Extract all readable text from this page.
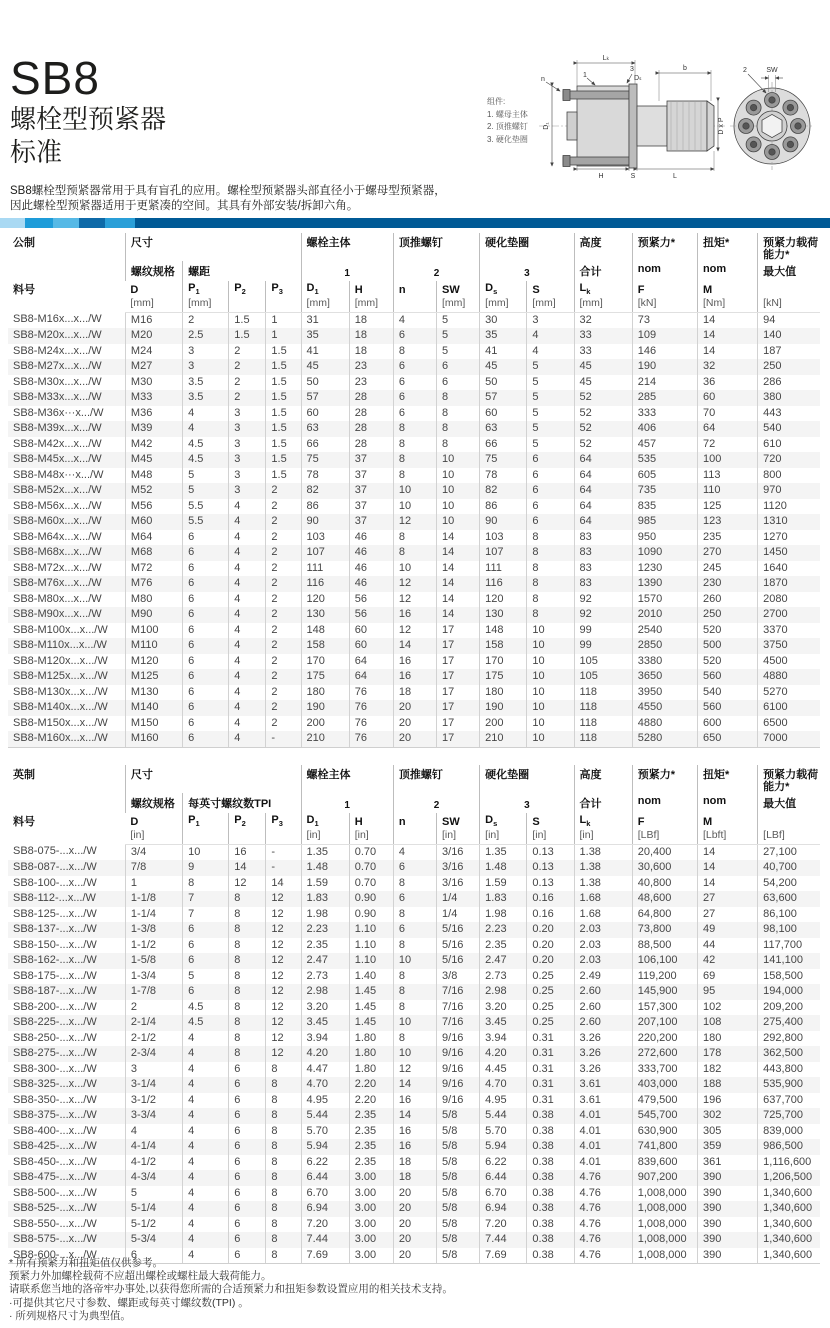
SB8
螺栓型预紧器
标准

SB8螺栓型预紧器常用于具有盲孔的应用。螺栓型预紧器头部直径小于螺母型预紧器，
因此螺栓型预紧器适用于更紧凑的空间。其具有外部安装/拆卸六角。

组件:
1. 螺母主体
2. 顶推螺钉
3. 硬化垫圈
Lₖ
b
n
1
3
D₁
Dₛ
D x P
H	S	L
SW
2
公制	尺寸				螺栓主体		顶推螺钉		硬化垫圈		高度	预紧力*	扭矩*	预紧力载荷 能力*
料号	螺纹规格	螺距			1		2		3		合计	nom	nom	最大值
	D	$P_1$	$P_2$	$P_3$	$D_1$	H	n	SW	$D_s$	S	$L_k$	F	M	
	[mm]	[mm]			[mm]	[mm]		[mm]	[mm]	[mm]	[mm]	[kN]	[Nm]	[kN]
SB8-M16x...x.../W	M16	2	1.5	1	31	18	4	5	30	3	32	73	14	94
SB8-M20x...x.../W	M20	2.5	1.5	1	35	18	6	5	35	4	33	109	14	140
SB8-M24x...x.../W	M24	3	2	1.5	41	18	8	5	41	4	33	146	14	187
SB8-M27x...x.../W	M27	3	2	1.5	45	23	6	6	45	5	45	190	32	250
SB8-M30x...x.../W	M30	3.5	2	1.5	50	23	6	6	50	5	45	214	36	286
SB8-M33x...x.../W	M33	3.5	2	1.5	57	28	6	8	57	5	52	285	60	380
SB8-M36x···x.../W	M36	4	3	1.5	60	28	6	8	60	5	52	333	70	443
SB8-M39x...x.../W	M39	4	3	1.5	63	28	8	8	63	5	52	406	64	540
SB8-M42x...x.../W	M42	4.5	3	1.5	66	28	8	8	66	5	52	457	72	610
SB8-M45x...x.../W	M45	4.5	3	1.5	75	37	8	10	75	6	64	535	100	720
SB8-M48x···x.../W	M48	5	3	1.5	78	37	8	10	78	6	64	605	113	800
SB8-M52x...x.../W	M52	5	3	2	82	37	10	10	82	6	64	735	110	970
SB8-M56x...x.../W	M56	5.5	4	2	86	37	10	10	86	6	64	835	125	1120
SB8-M60x...x.../W	M60	5.5	4	2	90	37	12	10	90	6	64	985	123	1310
SB8-M64x...x.../W	M64	6	4	2	103	46	8	14	103	8	83	950	235	1270
SB8-M68x...x.../W	M68	6	4	2	107	46	8	14	107	8	83	1090	270	1450
SB8-M72x...x.../W	M72	6	4	2	111	46	10	14	111	8	83	1230	245	1640
SB8-M76x...x.../W	M76	6	4	2	116	46	12	14	116	8	83	1390	230	1870
SB8-M80x...x.../W	M80	6	4	2	120	56	12	14	120	8	92	1570	260	2080
SB8-M90x...x.../W	M90	6	4	2	130	56	16	14	130	8	92	2010	250	2700
SB8-M100x...x.../W	M100	6	4	2	148	60	12	17	148	10	99	2540	520	3370
SB8-M110x...x.../W	M110	6	4	2	158	60	14	17	158	10	99	2850	500	3750
SB8-M120x...x.../W	M120	6	4	2	170	64	16	17	170	10	105	3380	520	4500
SB8-M125x...x.../W	M125	6	4	2	175	64	16	17	175	10	105	3650	560	4880
SB8-M130x...x.../W	M130	6	4	2	180	76	18	17	180	10	118	3950	540	5270
SB8-M140x...x.../W	M140	6	4	2	190	76	20	17	190	10	118	4550	560	6100
SB8-M150x...x.../W	M150	6	4	2	200	76	20	17	200	10	118	4880	600	6500
SB8-M160x...x.../W	M160	6	4	-	210	76	20	17	210	10	118	5280	650	7000
英制	尺寸				螺栓主体		顶推螺钉		硬化垫圈		高度	预紧力*	扭矩*	预紧力载荷 能力*
料号	螺纹规格	每英寸螺纹数TPI			1		2		3		合计	nom	nom	最大值
	D	$P_1$	$P_2$	$P_3$	$D_1$	H	n	SW	$D_s$	S	$L_k$	F	M	
	[in]				[in]	[in]		[in]	[in]	[in]	[in]	[LBf]	[Lbft]	[LBf]
SB8-075-...x.../W	3/4	10	16	-	1.35	0.70	4	3/16	1.35	0.13	1.38	20,400	14	27,100
SB8-087-...x.../W	7/8	9	14	-	1.48	0.70	6	3/16	1.48	0.13	1.38	30,600	14	40,700
SB8-100-...x.../W	1	8	12	14	1.59	0.70	8	3/16	1.59	0.13	1.38	40,800	14	54,200
SB8-112-...x.../W	1-1/8	7	8	12	1.83	0.90	6	1/4	1.83	0.16	1.68	48,600	27	63,600
SB8-125-...x.../W	1-1/4	7	8	12	1.98	0.90	8	1/4	1.98	0.16	1.68	64,800	27	86,100
SB8-137-...x.../W	1-3/8	6	8	12	2.23	1.10	6	5/16	2.23	0.20	2.03	73,800	49	98,100
SB8-150-...x.../W	1-1/2	6	8	12	2.35	1.10	8	5/16	2.35	0.20	2.03	88,500	44	117,700
SB8-162-...x.../W	1-5/8	6	8	12	2.47	1.10	10	5/16	2.47	0.20	2.03	106,100	42	141,100
SB8-175-...x.../W	1-3/4	5	8	12	2.73	1.40	8	3/8	2.73	0.25	2.49	119,200	69	158,500
SB8-187-...x.../W	1-7/8	6	8	12	2.98	1.45	8	7/16	2.98	0.25	2.60	145,900	95	194,000
SB8-200-...x.../W	2	4.5	8	12	3.20	1.45	8	7/16	3.20	0.25	2.60	157,300	102	209,200
SB8-225-...x.../W	2-1/4	4.5	8	12	3.45	1.45	10	7/16	3.45	0.25	2.60	207,100	108	275,400
SB8-250-...x.../W	2-1/2	4	8	12	3.94	1.80	8	9/16	3.94	0.31	3.26	220,200	180	292,800
SB8-275-...x.../W	2-3/4	4	8	12	4.20	1.80	10	9/16	4.20	0.31	3.26	272,600	178	362,500
SB8-300-...x.../W	3	4	6	8	4.47	1.80	12	9/16	4.45	0.31	3.26	333,700	182	443,800
SB8-325-...x.../W	3-1/4	4	6	8	4.70	2.20	14	9/16	4.70	0.31	3.61	403,000	188	535,900
SB8-350-...x.../W	3-1/2	4	6	8	4.95	2.20	16	9/16	4.95	0.31	3.61	479,500	196	637,700
SB8-375-...x.../W	3-3/4	4	6	8	5.44	2.35	14	5/8	5.44	0.38	4.01	545,700	302	725,700
SB8-400-...x.../W	4	4	6	8	5.70	2.35	16	5/8	5.70	0.38	4.01	630,900	305	839,000
SB8-425-...x.../W	4-1/4	4	6	8	5.94	2.35	16	5/8	5.94	0.38	4.01	741,800	359	986,500
SB8-450-...x.../W	4-1/2	4	6	8	6.22	2.35	18	5/8	6.22	0.38	4.01	839,600	361	1,116,600
SB8-475-...x.../W	4-3/4	4	6	8	6.44	3.00	18	5/8	6.44	0.38	4.76	907,200	390	1,206,500
SB8-500-...x.../W	5	4	6	8	6.70	3.00	20	5/8	6.70	0.38	4.76	1,008,000	390	1,340,600
SB8-525-...x.../W	5-1/4	4	6	8	6.94	3.00	20	5/8	6.94	0.38	4.76	1,008,000	390	1,340,600
SB8-550-...x.../W	5-1/2	4	6	8	7.20	3.00	20	5/8	7.20	0.38	4.76	1,008,000	390	1,340,600
SB8-575-...x.../W	5-3/4	4	6	8	7.44	3.00	20	5/8	7.44	0.38	4.76	1,008,000	390	1,340,600
SB8-600-...x.../W	6	4	6	8	7.69	3.00	20	5/8	7.69	0.38	4.76	1,008,000	390	1,340,600
* 所有预紧力和扭矩值仅供参考。
预紧力外加螺栓载荷不应超出螺栓或螺柱最大载荷能力。
请联系您当地的洛帝牢办事处,以获得您所需的合适预紧力和扭矩参数设置应用的相关技术支持。
·可提供其它尺寸参数、螺距或每英寸螺纹数(TPI) 。
· 所列规格尺寸为典型值。
